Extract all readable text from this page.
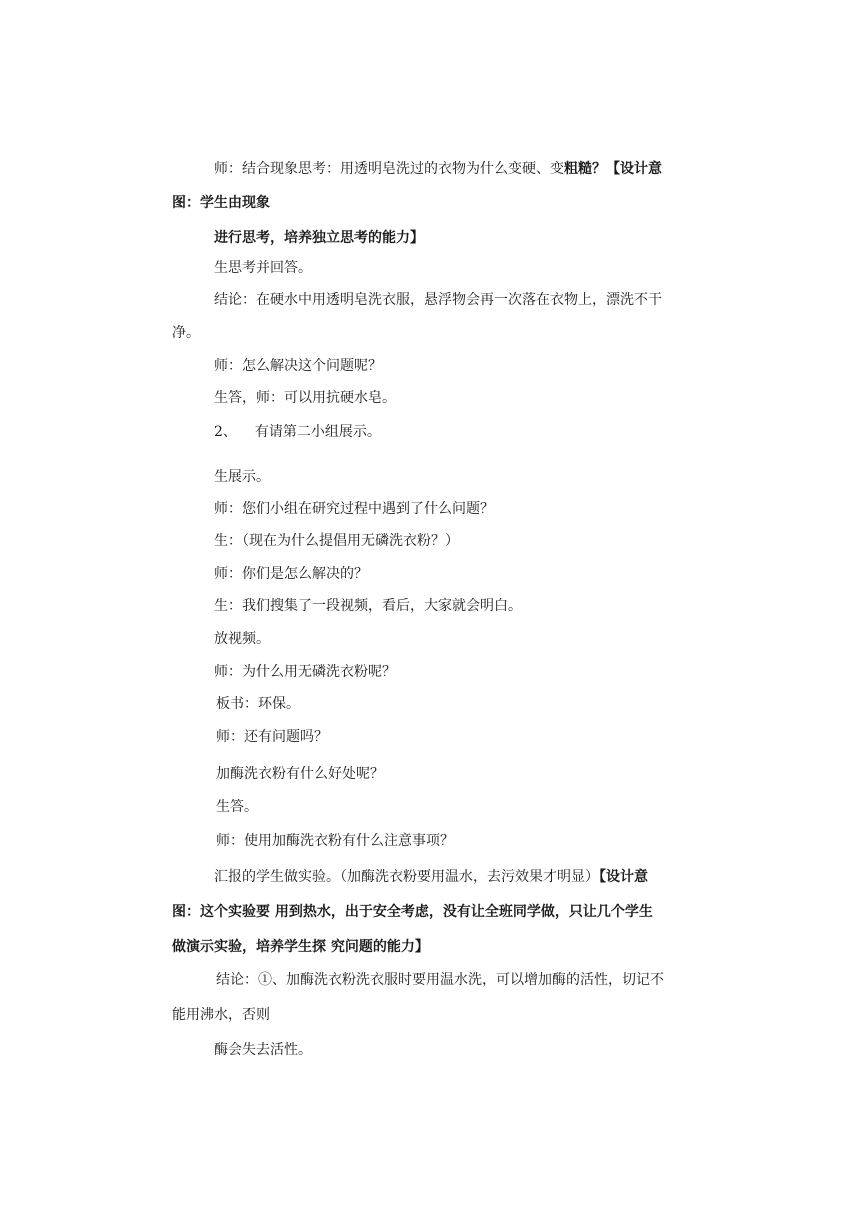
师：结合现象思考：用透明皂洗过的衣物为什么变硬、变粗糙？【设计意
图：学生由现象
进行思考，培养独立思考的能力】
生思考并回答。
结论：在硬水中用透明皂洗衣服，悬浮物会再一次落在衣物上，漂洗不干
净。
师：怎么解决这个问题呢？
生答，师：可以用抗硬水皂。
2、 有请第二小组展示。
生展示。
师：您们小组在研究过程中遇到了什么问题？
生：（现在为什么提倡用无磷洗衣粉？）
师：你们是怎么解决的？
生：我们搜集了一段视频，看后，大家就会明白。
放视频。
师：为什么用无磷洗衣粉呢？
板书：环保。
师：还有问题吗？
加酶洗衣粉有什么好处呢？
生答。
师：使用加酶洗衣粉有什么注意事项？
汇报的学生做实验。（加酶洗衣粉要用温水，去污效果才明显）【设计意
图：这个实验要 用到热水，出于安全考虑，没有让全班同学做，只让几个学生
做演示实验，培养学生探 究问题的能力】
结论：①、加酶洗衣粉洗衣服时要用温水洗，可以增加酶的活性，切记不
能用沸水，否则
酶会失去活性。
